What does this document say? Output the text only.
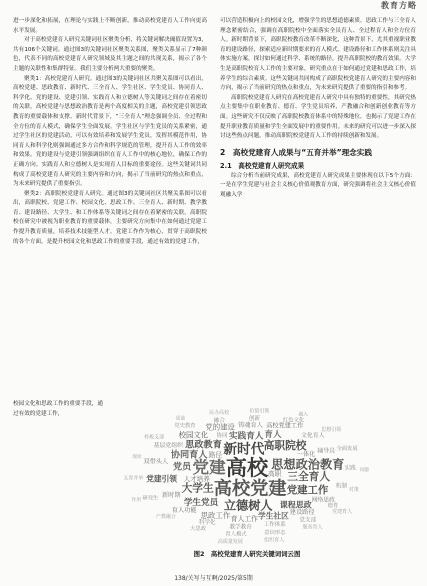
教育方略

进一步深化和拓展，在理论与实践上不断创新，推动高校党建育人工作向更高水平发展。

对于高校党建育人研究关键词社区聚类分析，将关键词解决阈值设置为3，共有106个关键词。通过图3的关键词社区聚类关系图，聚类关系显示了7种颜色，代表不同的高校党建育人研究领域及其主题之间的共现关系，揭示了各个主题的关联性和集群特征。我们主要分析两大重要的聚类。

聚类1：高校党建育人研究。通过图3的关键词社区共聚关系图可以看出，高校党建、思政教育、新时代、三全育人、学生社区、学生党员、协同育人、科学化、党的建设、党建引领、实践育人和立德树人等关键词之间存在着密切的关联。高校党建与思想政治教育是两个高度相关的主题，高校党建引领思政教育的重要载体和支撑。新时代背景下，“三全育人”理念强调全员、全过程和全方位的育人模式，确保学生全面发展。学生社区与学生党员的关系紧密，通过学生社区的党建活动，可以有效培养和发展学生党员，发挥其模范作用，协同育人和科学化则强调通过多方合作和科学规范的管理，提升育人工作的效率和效果。党的建设与党建引领强调组织在育人工作中的核心地位，确保工作的正确方向。实践育人和立德树人是实现育人目标的重要途径。这些关键词共同构成了高校党建育人研究的主要内容和方向，揭示了当前研究的热点和重点，为未来研究提供了重要指引。

聚类2：高职院校党建育人研究。通过图3的关键词社区共聚关系图可以看出，高职院校、党建工作、校园文化、思政工作、三全育人、新时期、教学教育、建设路径、大学生、和工作体系等关键词之间存在着紧密的关联。高职院校在研究中被视为职业教育的重要载体，主要研究方向集中在如何通过党建工作提升教育质量，培养技术技能型人才。党建工作作为核心，贯穿于高职院校的各个方面，是提升校园文化和思政工作的重要手段，通过有效的党建工作，

校园文化和思政工作的重要手段，通过有效的党建工作，

可以营造积极向上的校园文化，增强学生的思想道德素质。思政工作与三全育人理念紧密结合，强调在高职院校中全面落实全员育人、全过程育人和全方位育人。新时期背景下，高职院校教育改革不断深化，这种背景下，尤其重视职业教育的建设路径，探索适应新时期要求的育人模式。建设路径和工作体系则关注具体实施方案，探讨如何通过科学、系统的路径，提升高职院校的教育效果。大学生是高职院校育人工作的主要对象，研究重点在于如何通过党建和思政工作，培养学生的综合素质。这些关键词共同构成了高职院校党建育人研究的主要内容和方向，揭示了当前研究的热点和重点，为未来研究提供了重要的指引和参考。

高职院校党建育人研究在高校党建育人研究中具有独特的重要性，其研究热点主要集中在职业教育、德育、学生党员培养、产教融合和创新创业教育等方面。这些研究不仅反映了高职院校教育体系中的特殊地位，也揭示了党建工作在提升职业教育质量和学生全面发展中的重要作用。未来的研究可以进一步深入探讨这些热点问题，推动高职院校党建育人工作的持续创新和发展。

2　高校党建育人成果与“五育并举”理念实践
2.1　高校党建育人研究成果

综合分析当前研究成果，高校党建育人研究成果主要体现在以下5个方面：一是在学生党建与社会主义核心价值观教育方面，研究强调将社会主义核心价值观融入学

高校
高校党建
党建
新时代
思想政治教育
立德树人
高职院校
大学生
三全育人
党建工作
协同育人
思政教育
党员
实践育人
学生党员
育人
课程思政
学生社区
党建引领
思政工作
校园文化
党的建设
高职
路径
育人工作
人才培养
一体化
铸魂育人
建设路径
新时期
高校党建工作
育人功能
双带头人
辅导员
基层党组织
网络思政
文化育人
协同
机制
工作体系
教学教育
科学化
融合	创新
实践
党支部
德育
研究生
党史教育
红色文化
全面发展
意识形态
育人模式
大思政
产教融合
五育并举
样板支部
民办高校
对策
价值引领
思想引领
党建育人
服务育人
组织育人
高质量发展
现状
问题
作用
质量
融入
图2　高校党建育人研究关键词词云图
138/关写与互啊/2025/第5期
